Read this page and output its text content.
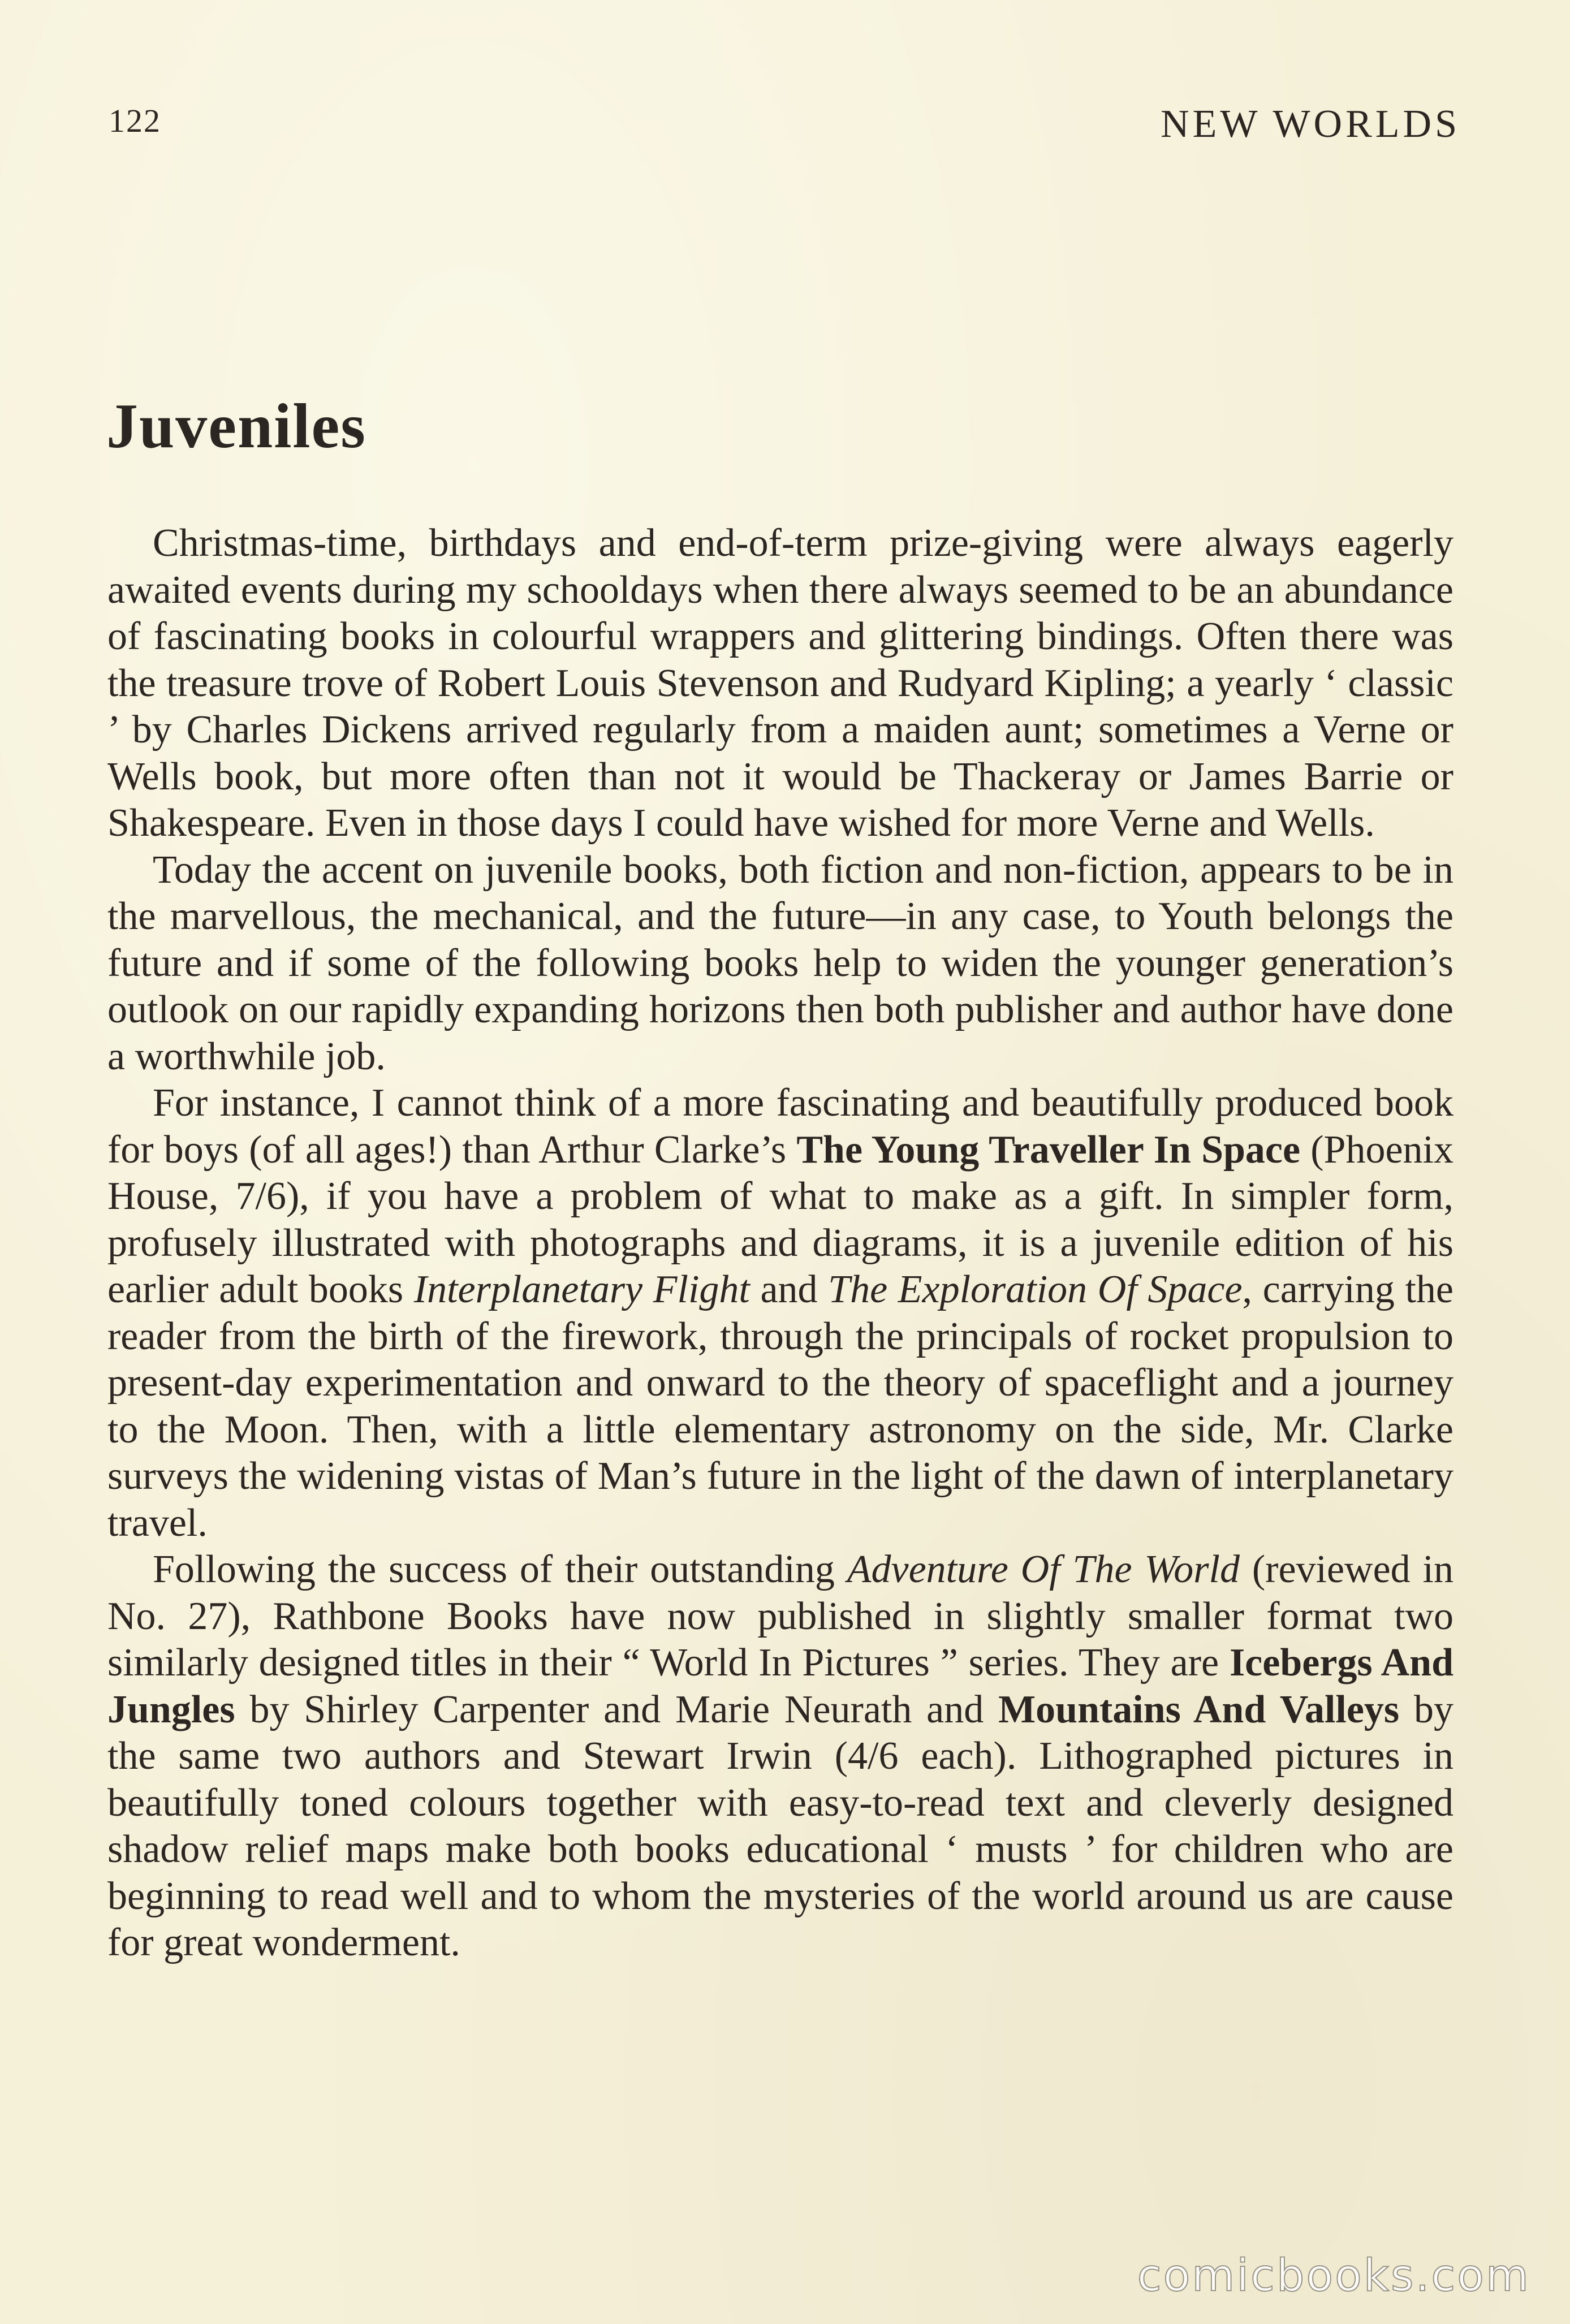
122	NEW WORLDS
Juveniles

Christmas-time, birthdays and end-of-term prize-giving were always eagerly awaited events during my schooldays when there always seemed to be an abundance of fascinating books in colourful wrappers and glittering bindings. Often there was the treasure trove of Robert Louis Stevenson and Rudyard Kipling; a yearly ‘ classic ’ by Charles Dickens arrived regularly from a maiden aunt; sometimes a Verne or Wells book, but more often than not it would be Thackeray or James Barrie or Shakespeare. Even in those days I could have wished for more Verne and Wells.

Today the accent on juvenile books, both fiction and non-fiction, appears to be in the marvellous, the mechanical, and the future—in any case, to Youth belongs the future and if some of the following books help to widen the younger generation’s outlook on our rapidly expanding horizons then both publisher and author have done a worthwhile job.

For instance, I cannot think of a more fascinating and beautifully produced book for boys (of all ages!) than Arthur Clarke’s The Young Traveller In Space (Phoenix House, 7/6), if you have a problem of what to make as a gift. In simpler form, profusely illustrated with photographs and diagrams, it is a juvenile edition of his earlier adult books Interplanetary Flight and The Exploration Of Space, carrying the reader from the birth of the firework, through the principals of rocket propulsion to present-day experimentation and onward to the theory of spaceflight and a journey to the Moon. Then, with a little elementary astronomy on the side, Mr. Clarke surveys the widening vistas of Man’s future in the light of the dawn of interplanetary travel.

Following the success of their outstanding Adventure Of The World (reviewed in No. 27), Rathbone Books have now published in slightly smaller format two similarly designed titles in their “ World In Pictures ” series. They are Icebergs And Jungles by Shirley Carpenter and Marie Neurath and Mountains And Valleys by the same two authors and Stewart Irwin (4/6 each). Lithographed pictures in beautifully toned colours together with easy-to-read text and cleverly designed shadow relief maps make both books educational ‘ musts ’ for children who are beginning to read well and to whom the mysteries of the world around us are cause for great wonderment.

comicbooks.com
